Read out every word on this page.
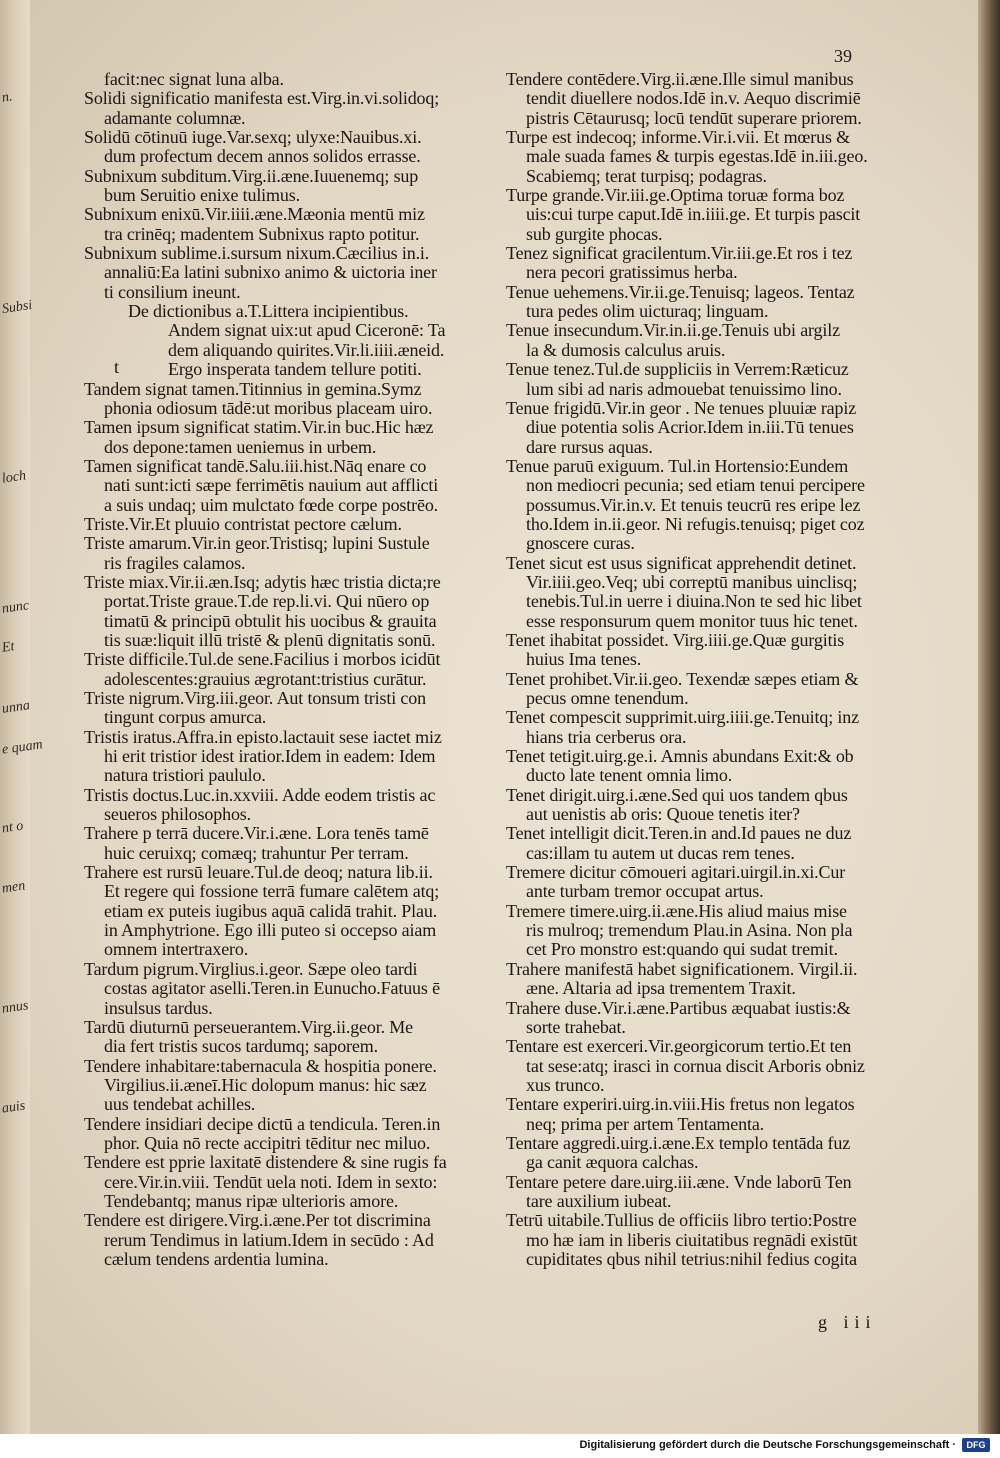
n.
Subsi
loch
nunc
Et
unna
e quam
nt o
men
nnus
auis
39
t
facit:nec signat luna alba.
Solidi significatio manifesta est.Virg.in.vi.solidoq;
adamante columnæ.
Solidū cōtinuū iuge.Var.sexq; ulyxe:Nauibus.xi.
dum profectum decem annos solidos errasse.
Subnixum subditum.Virg.ii.æne.Iuuenemq; sup
bum Seruitio enixe tulimus.
Subnixum enixū.Vir.iiii.æne.Mæonia mentū miz
tra crinēq; madentem Subnixus rapto potitur.
Subnixum sublime.i.sursum nixum.Cæcilius in.i.
annaliū:Ea latini subnixo animo & uictoria iner
ti consilium ineunt.
De dictionibus a.T.Littera incipientibus.
Andem signat uix:ut apud Ciceronē: Ta
dem aliquando quirites.Vir.li.iiii.æneid.
Ergo insperata tandem tellure potiti.
Tandem signat tamen.Titinnius in gemina.Symz
phonia odiosum tādē:ut moribus placeam uiro.
Tamen ipsum significat statim.Vir.in buc.Hic hæz
dos depone:tamen ueniemus in urbem.
Tamen significat tandē.Salu.iii.hist.Nāq enare co
nati sunt:icti sæpe ferrimētis nauium aut afflicti
a suis undaq; uim mulctato fœde corpe postrēo.
Triste.Vir.Et pluuio contristat pectore cælum.
Triste amarum.Vir.in geor.Tristisq; lupini Sustule
ris fragiles calamos.
Triste miax.Vir.ii.æn.Isq; adytis hæc tristia dicta;re
portat.Triste graue.T.de rep.li.vi. Qui nūero op
timatū & principū obtulit his uocibus & grauita
tis suæ:liquit illū tristē & plenū dignitatis sonū.
Triste difficile.Tul.de sene.Facilius i morbos icidūt
adolescentes:grauius ægrotant:tristius curātur.
Triste nigrum.Virg.iii.geor. Aut tonsum tristi con
tingunt corpus amurca.
Tristis iratus.Affra.in episto.lactauit sese iactet miz
hi erit tristior idest iratior.Idem in eadem: Idem
natura tristiori paululo.
Tristis doctus.Luc.in.xxviii. Adde eodem tristis ac
seueros philosophos.
Trahere p terrā ducere.Vir.i.æne. Lora tenēs tamē
huic ceruixq; comæq; trahuntur Per terram.
Trahere est rursū leuare.Tul.de deoq; natura lib.ii.
Et regere qui fossione terrā fumare calētem atq;
etiam ex puteis iugibus aquā calidā trahit. Plau.
in Amphytrione. Ego illi puteo si occepso aiam
omnem intertraxero.
Tardum pigrum.Virglius.i.geor. Sæpe oleo tardi
costas agitator aselli.Teren.in Eunucho.Fatuus ē
insulsus tardus.
Tardū diuturnū perseuerantem.Virg.ii.geor. Me
dia fert tristis sucos tardumq; saporem.
Tendere inhabitare:tabernacula & hospitia ponere.
Virgilius.ii.æneī.Hic dolopum manus: hic sæz
uus tendebat achilles.
Tendere insidiari decipe dictū a tendicula. Teren.in
phor. Quia nō recte accipitri tēditur nec miluo.
Tendere est pprie laxitatē distendere & sine rugis fa
cere.Vir.in.viii. Tendūt uela noti. Idem in sexto:
Tendebantq; manus ripæ ulterioris amore.
Tendere est dirigere.Virg.i.æne.Per tot discrimina
rerum Tendimus in latium.Idem in secūdo : Ad
cælum tendens ardentia lumina.
Tendere contēdere.Virg.ii.æne.Ille simul manibus
tendit diuellere nodos.Idē in.v. Aequo discrimiē
pistris Cētaurusq; locū tendūt superare priorem.
Turpe est indecoq; informe.Vir.i.vii. Et mœrus &
male suada fames & turpis egestas.Idē in.iii.geo.
Scabiemq; terat turpisq; podagras.
Turpe grande.Vir.iii.ge.Optima toruæ forma boz
uis:cui turpe caput.Idē in.iiii.ge. Et turpis pascit
sub gurgite phocas.
Tenez significat gracilentum.Vir.iii.ge.Et ros i tez
nera pecori gratissimus herba.
Tenue uehemens.Vir.ii.ge.Tenuisq; lageos. Tentaz
tura pedes olim uicturaq; linguam.
Tenue insecundum.Vir.in.ii.ge.Tenuis ubi argilz
la & dumosis calculus aruis.
Tenue tenez.Tul.de suppliciis in Verrem:Ræticuz
lum sibi ad naris admouebat tenuissimo lino.
Tenue frigidū.Vir.in geor . Ne tenues pluuiæ rapiz
diue potentia solis Acrior.Idem in.iii.Tū tenues
dare rursus aquas.
Tenue paruū exiguum. Tul.in Hortensio:Eundem
non mediocri pecunia; sed etiam tenui percipere
possumus.Vir.in.v. Et tenuis teucrū res eripe lez
tho.Idem in.ii.geor. Ni refugis.tenuisq; piget coz
gnoscere curas.
Tenet sicut est usus significat apprehendit detinet.
Vir.iiii.geo.Veq; ubi correptū manibus uinclisq;
tenebis.Tul.in uerre i diuina.Non te sed hic libet
esse responsurum quem monitor tuus hic tenet.
Tenet ihabitat possidet. Virg.iiii.ge.Quæ gurgitis
huius Ima tenes.
Tenet prohibet.Vir.ii.geo. Texendæ sæpes etiam &
pecus omne tenendum.
Tenet compescit supprimit.uirg.iiii.ge.Tenuitq; inz
hians tria cerberus ora.
Tenet tetigit.uirg.ge.i. Amnis abundans Exit:& ob
ducto late tenent omnia limo.
Tenet dirigit.uirg.i.æne.Sed qui uos tandem qbus
aut uenistis ab oris: Quoue tenetis iter?
Tenet intelligit dicit.Teren.in and.Id paues ne duz
cas:illam tu autem ut ducas rem tenes.
Tremere dicitur cōmoueri agitari.uirgil.in.xi.Cur
ante turbam tremor occupat artus.
Tremere timere.uirg.ii.æne.His aliud maius mise
ris mulroq; tremendum Plau.in Asina. Non pla
cet Pro monstro est:quando qui sudat tremit.
Trahere manifestā habet significationem. Virgil.ii.
æne. Altaria ad ipsa trementem Traxit.
Trahere duse.Vir.i.æne.Partibus æquabat iustis:&
sorte trahebat.
Tentare est exerceri.Vir.georgicorum tertio.Et ten
tat sese:atq; irasci in cornua discit Arboris obniz
xus trunco.
Tentare experiri.uirg.in.viii.His fretus non legatos
neq; prima per artem Tentamenta.
Tentare aggredi.uirg.i.æne.Ex templo tentāda fuz
ga canit æquora calchas.
Tentare petere dare.uirg.iii.æne. Vnde laborū Ten
tare auxilium iubeat.
Tetrū uitabile.Tullius de officiis libro tertio:Postre
mo hæ iam in liberis ciuitatibus regnādi existūt
cupiditates qbus nihil tetrius:nihil fedius cogita
g iii
Digitalisierung gefördert durch die Deutsche Forschungsgemeinschaft ·	DFG
